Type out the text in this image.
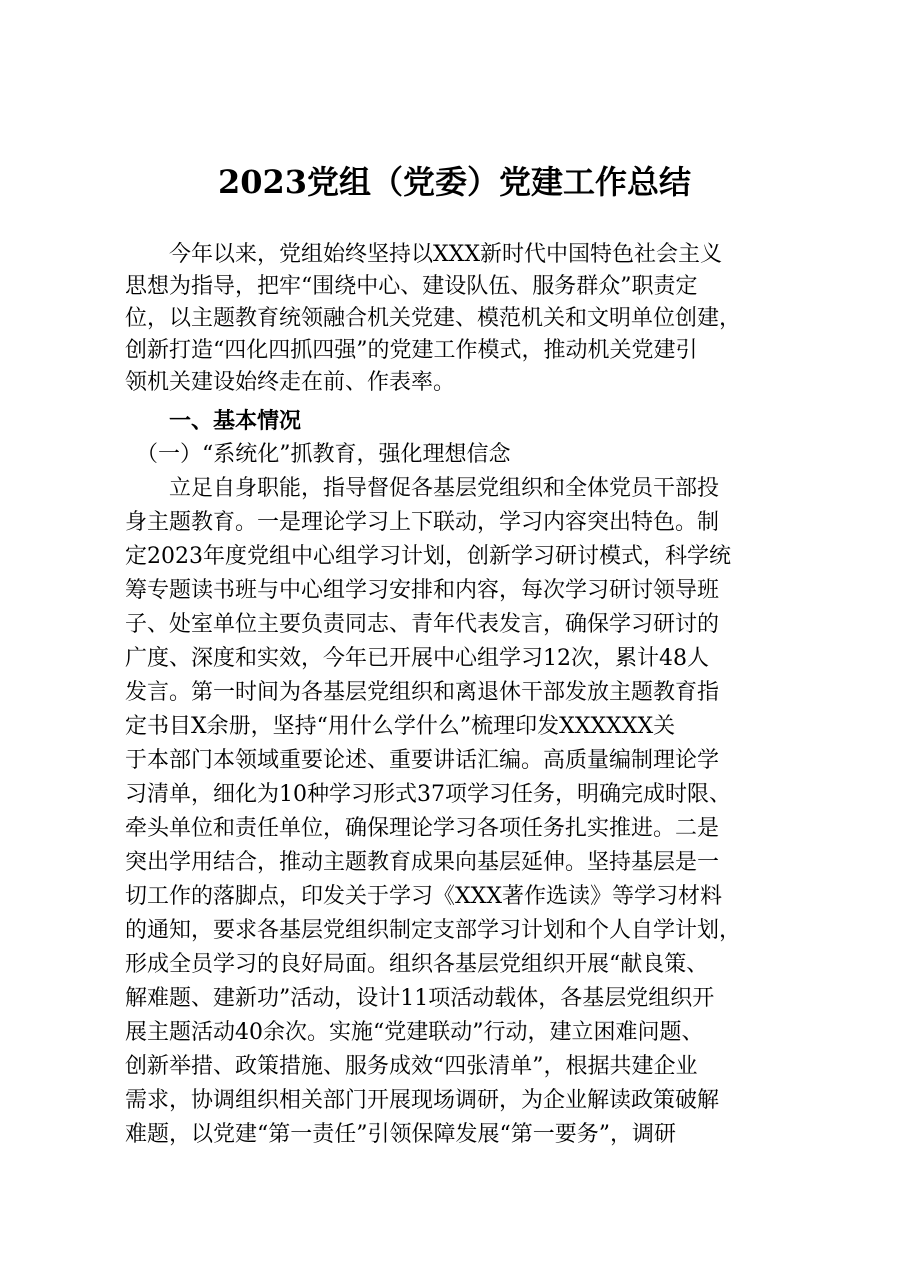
2023党组（党委）党建工作总结
　　今年以来，党组始终坚持以XXX新时代中国特色社会主义
思想为指导，把牢“围绕中心、建设队伍、服务群众”职责定
位，以主题教育统领融合机关党建、模范机关和文明单位创建，
创新打造“四化四抓四强”的党建工作模式，推动机关党建引
领机关建设始终走在前、作表率。
　　一、基本情况
　（一）“系统化”抓教育，强化理想信念
　　立足自身职能，指导督促各基层党组织和全体党员干部投
身主题教育。一是理论学习上下联动，学习内容突出特色。制
定2023年度党组中心组学习计划，创新学习研讨模式，科学统
筹专题读书班与中心组学习安排和内容，每次学习研讨领导班
子、处室单位主要负责同志、青年代表发言，确保学习研讨的
广度、深度和实效，今年已开展中心组学习12次，累计48人
发言。第一时间为各基层党组织和离退休干部发放主题教育指
定书目X余册，坚持“用什么学什么”梳理印发XXXXXX关
于本部门本领域重要论述、重要讲话汇编。高质量编制理论学
习清单，细化为10种学习形式37项学习任务，明确完成时限、
牵头单位和责任单位，确保理论学习各项任务扎实推进。二是
突出学用结合，推动主题教育成果向基层延伸。坚持基层是一
切工作的落脚点，印发关于学习《XXX著作选读》等学习材料
的通知，要求各基层党组织制定支部学习计划和个人自学计划，
形成全员学习的良好局面。组织各基层党组织开展“献良策、
解难题、建新功”活动，设计11项活动载体，各基层党组织开
展主题活动40余次。实施“党建联动”行动，建立困难问题、
创新举措、政策措施、服务成效“四张清单”，根据共建企业
需求，协调组织相关部门开展现场调研，为企业解读政策破解
难题，以党建“第一责任”引领保障发展“第一要务”，调研
